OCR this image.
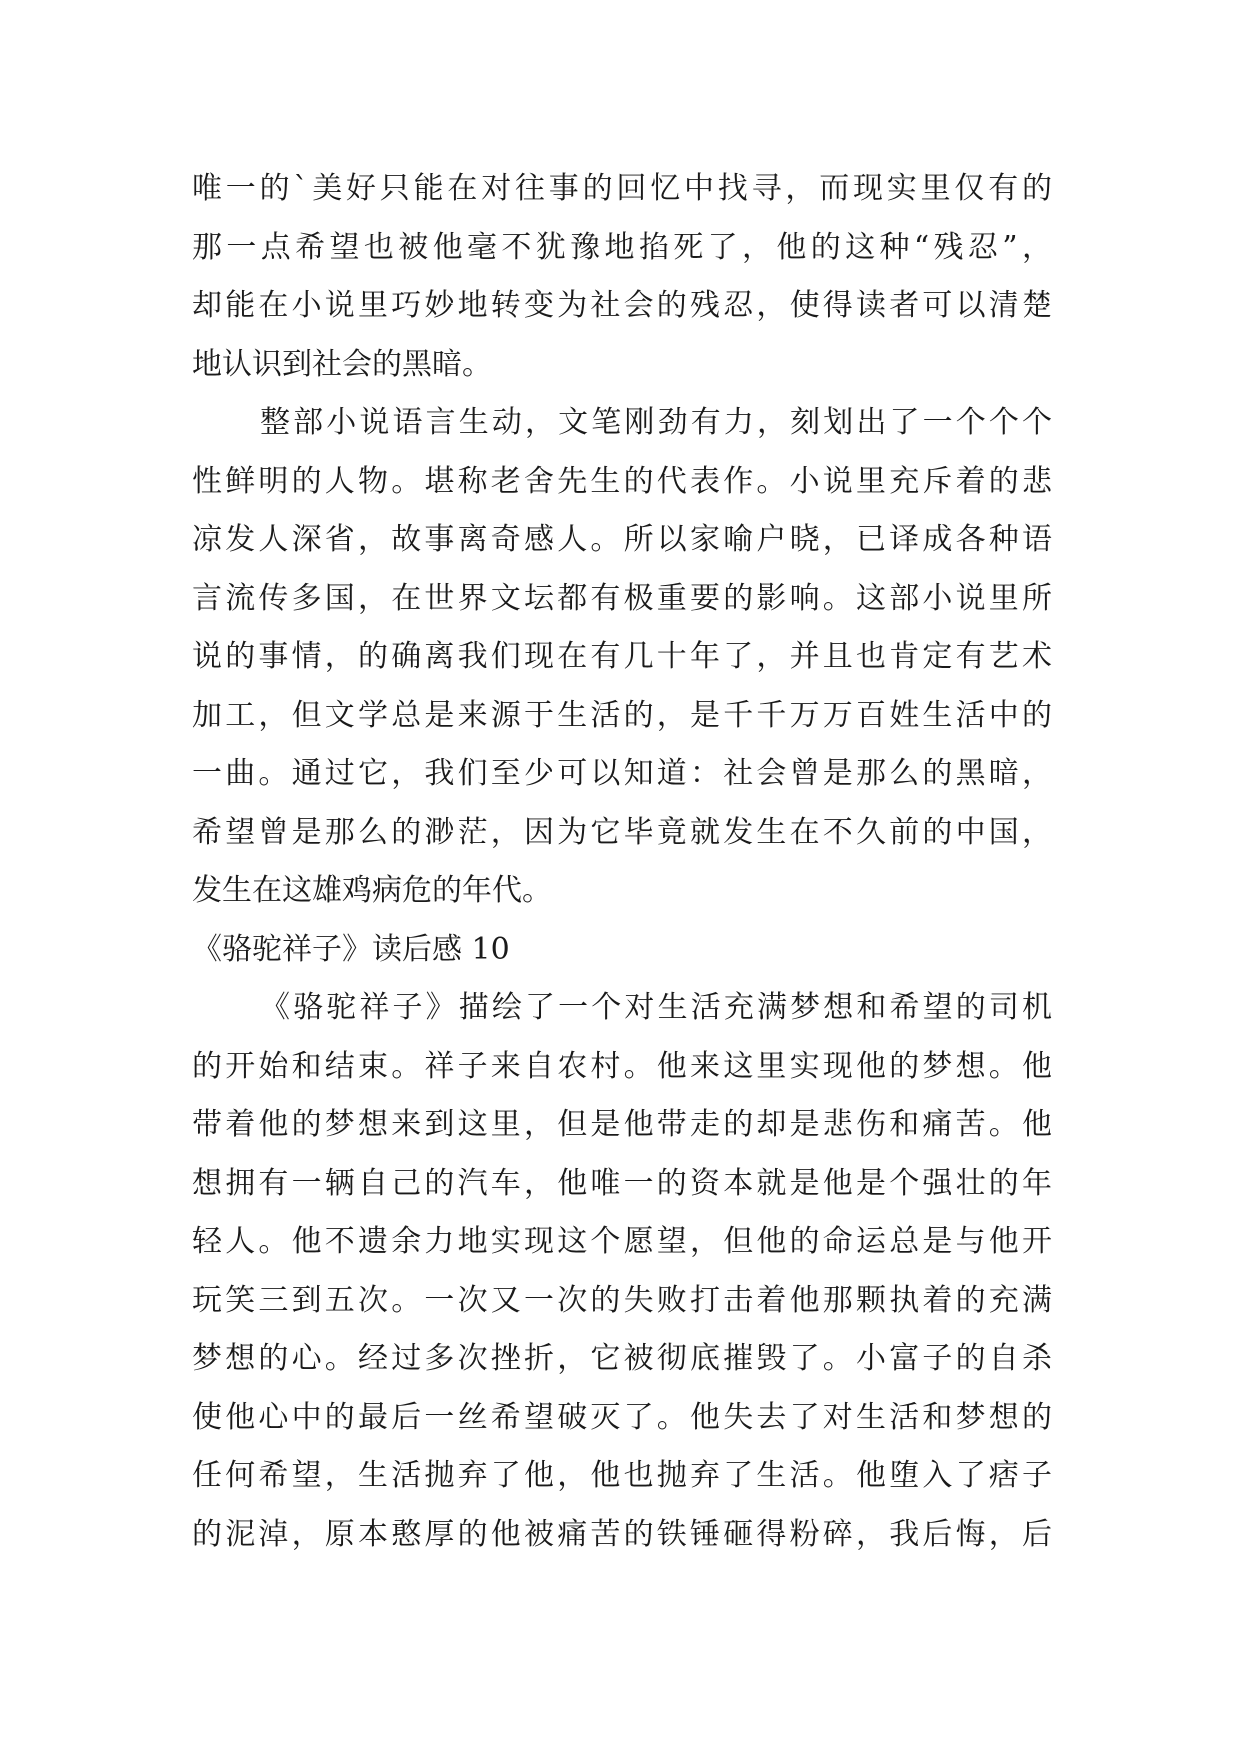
唯一的`美好只能在对往事的回忆中找寻，而现实里仅有的
那一点希望也被他毫不犹豫地掐死了，他的这种“残忍”，
却能在小说里巧妙地转变为社会的残忍，使得读者可以清楚
地认识到社会的黑暗。
整部小说语言生动，文笔刚劲有力，刻划出了一个个个
性鲜明的人物。堪称老舍先生的代表作。小说里充斥着的悲
凉发人深省，故事离奇感人。所以家喻户晓，已译成各种语
言流传多国，在世界文坛都有极重要的影响。这部小说里所
说的事情，的确离我们现在有几十年了，并且也肯定有艺术
加工，但文学总是来源于生活的，是千千万万百姓生活中的
一曲。通过它，我们至少可以知道：社会曾是那么的黑暗，
希望曾是那么的渺茫，因为它毕竟就发生在不久前的中国，
发生在这雄鸡病危的年代。
《骆驼祥子》读后感 10
《骆驼祥子》描绘了一个对生活充满梦想和希望的司机
的开始和结束。祥子来自农村。他来这里实现他的梦想。他
带着他的梦想来到这里，但是他带走的却是悲伤和痛苦。他
想拥有一辆自己的汽车，他唯一的资本就是他是个强壮的年
轻人。他不遗余力地实现这个愿望，但他的命运总是与他开
玩笑三到五次。一次又一次的失败打击着他那颗执着的充满
梦想的心。经过多次挫折，它被彻底摧毁了。小富子的自杀
使他心中的最后一丝希望破灭了。他失去了对生活和梦想的
任何希望，生活抛弃了他，他也抛弃了生活。他堕入了痞子
的泥淖，原本憨厚的他被痛苦的铁锤砸得粉碎，我后悔，后
